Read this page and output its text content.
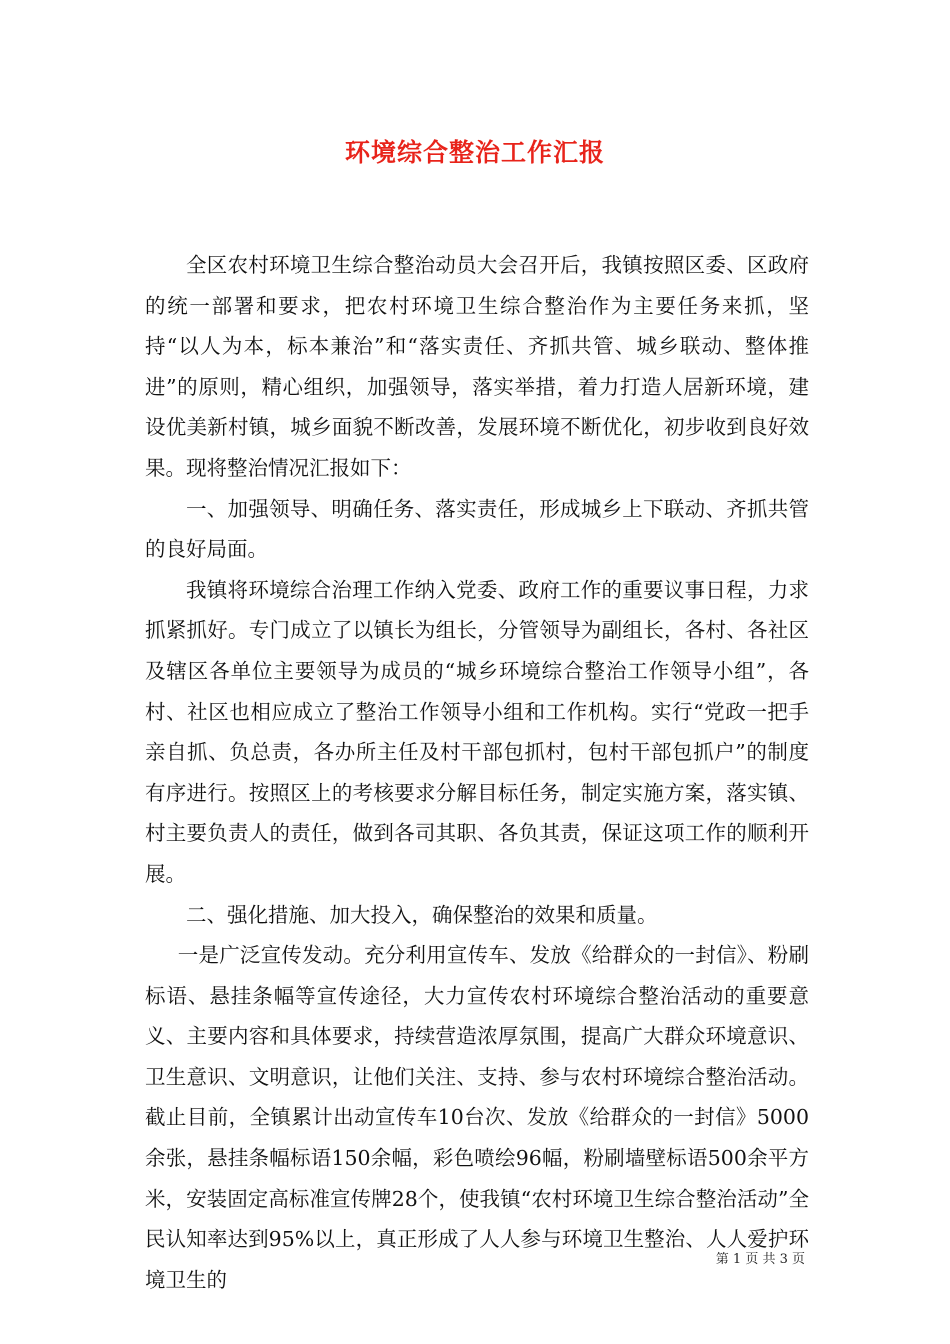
环境综合整治工作汇报

全区农村环境卫生综合整治动员大会召开后，我镇按照区委、区政府的统一部署和要求，把农村环境卫生综合整治作为主要任务来抓，坚持“以人为本，标本兼治”和“落实责任、齐抓共管、城乡联动、整体推进”的原则，精心组织，加强领导，落实举措，着力打造人居新环境，建设优美新村镇，城乡面貌不断改善，发展环境不断优化，初步收到良好效果。现将整治情况汇报如下：

一、加强领导、明确任务、落实责任，形成城乡上下联动、齐抓共管的良好局面。

我镇将环境综合治理工作纳入党委、政府工作的重要议事日程，力求抓紧抓好。专门成立了以镇长为组长，分管领导为副组长，各村、各社区及辖区各单位主要领导为成员的“城乡环境综合整治工作领导小组”，各村、社区也相应成立了整治工作领导小组和工作机构。实行“党政一把手亲自抓、负总责，各办所主任及村干部包抓村，包村干部包抓户”的制度有序进行。按照区上的考核要求分解目标任务，制定实施方案，落实镇、村主要负责人的责任，做到各司其职、各负其责，保证这项工作的顺利开展。

二、强化措施、加大投入，确保整治的效果和质量。

一是广泛宣传发动。充分利用宣传车、发放《给群众的一封信》、粉刷标语、悬挂条幅等宣传途径，大力宣传农村环境综合整治活动的重要意义、主要内容和具体要求，持续营造浓厚氛围，提高广大群众环境意识、卫生意识、文明意识，让他们关注、支持、参与农村环境综合整治活动。截止目前，全镇累计出动宣传车10台次、发放《给群众的一封信》5000余张，悬挂条幅标语150余幅，彩色喷绘96幅，粉刷墙壁标语500余平方米，安装固定高标准宣传牌28个，使我镇“农村环境卫生综合整治活动”全民认知率达到95%以上，真正形成了人人参与环境卫生整治、人人爱护环境卫生的

第 1 页 共 3 页
